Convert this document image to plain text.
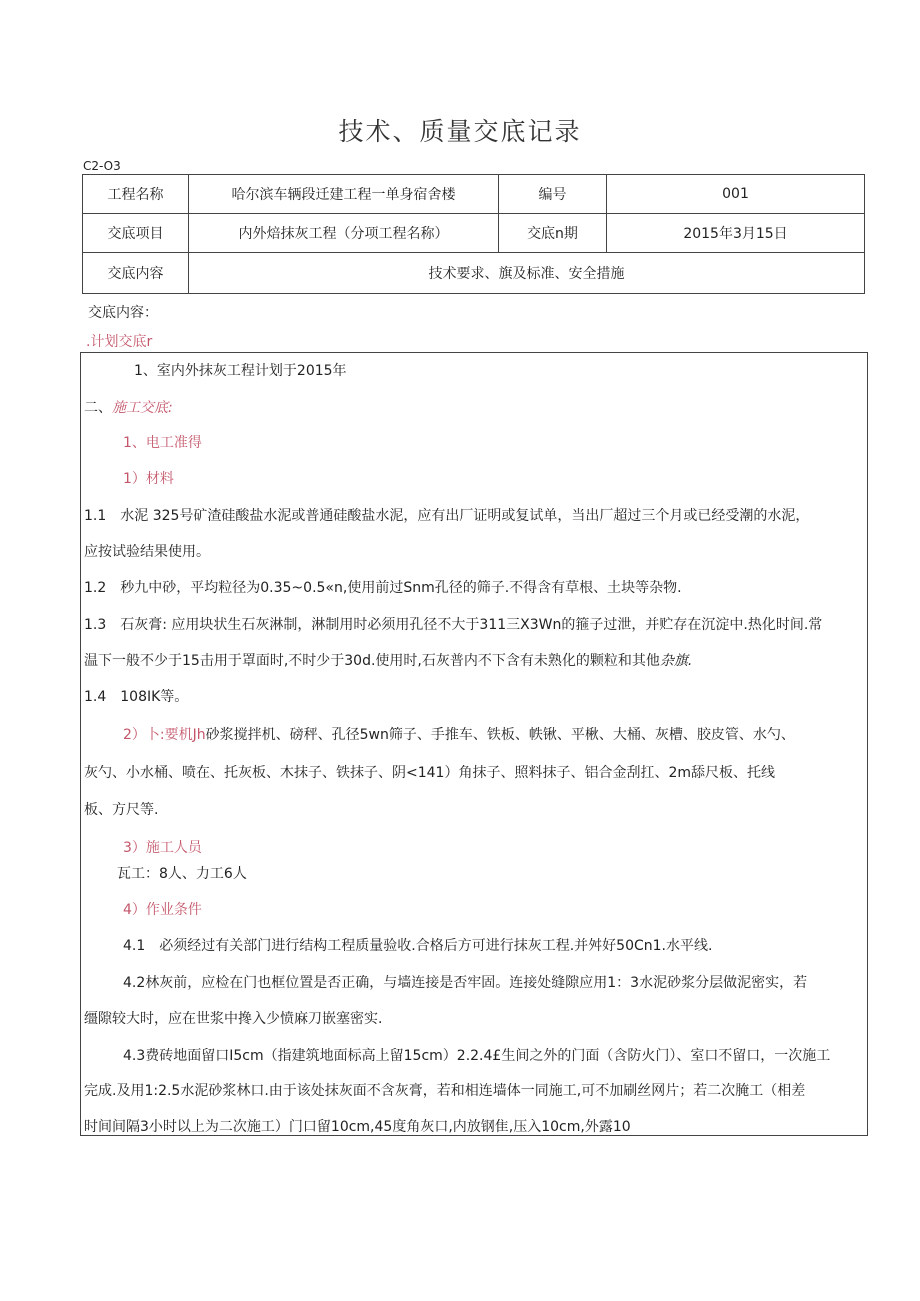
技术、质量交底记录
C2-O3
工程名称	哈尔滨车辆段迁建工程一单身宿舍楼	编号	001
交底项目	内外焙抹灰工程（分项工程名称）	交底n期	2015年3月15日
交底内容	技术要求、旗及标准、安全措施		
交底内容：
.计划交底r
1、室内外抹灰工程计划于2015年
二、施工交底:
1、电工准得
1）材料
1.1　水泥 325号矿渣硅酸盐水泥或普通硅酸盐水泥，应有出厂证明或复试单，当出厂超过三个月或已经受潮的水泥，
应按试验结果使用。
1.2　秒九中砂，平均粒径为0.35~0.5«n,使用前过Snm孔径的筛子.不得含有草根、土块等杂物.
1.3　石灰膏: 应用块状生石灰淋制，淋制用时必须用孔径不大于311三X3Wn的箍子过泄，并贮存在沉淀中.热化时间.常
温下一般不少于15击用于罩面时,不时少于30d.使用时,石灰普内不下含有未熟化的颗粒和其他杂旗.
1.4　108IK等。
2）卜:要机Jh砂浆搅拌机、磅秤、孔径5wn筛子、手推车、铁板、帙锹、平楸、大桶、灰槽、胶皮管、水勺、
灰勺、小水桶、喷在、托灰板、木抹子、铁抹子、阴<141）角抹子、照料抹子、铝合金刮扛、2m舔尺板、托线
板、方尺等.
3）施工人员
瓦工：8人、力工6人
4）作业条件
4.1　必须经过有关部门进行结构工程质量验收.合格后方可进行抹灰工程.并舛好50Cn1.水平线.
4.2林灰前，应检在门也框位置是否正确，与墙连接是否牢固。连接处缝隙应用1：3水泥砂浆分层做泥密实，若
缰隙较大时，应在世浆中搀入少愤麻刀嵌塞密实.
4.3费砖地面留口I5cm（指建筑地面标高上留15cm）2.2.4£生间之外的门面（含防火门）、室口不留口，一次施工
完成.及用1:2.5水泥砂浆林口.由于该处抹灰面不含灰膏，若和相连墙体一同施工,可不加刷丝网片；若二次腌工（相差
时间间隔3小时以上为二次施工）门口留10cm,45度角灰口,内放钢隹,压入10cm,外露10
